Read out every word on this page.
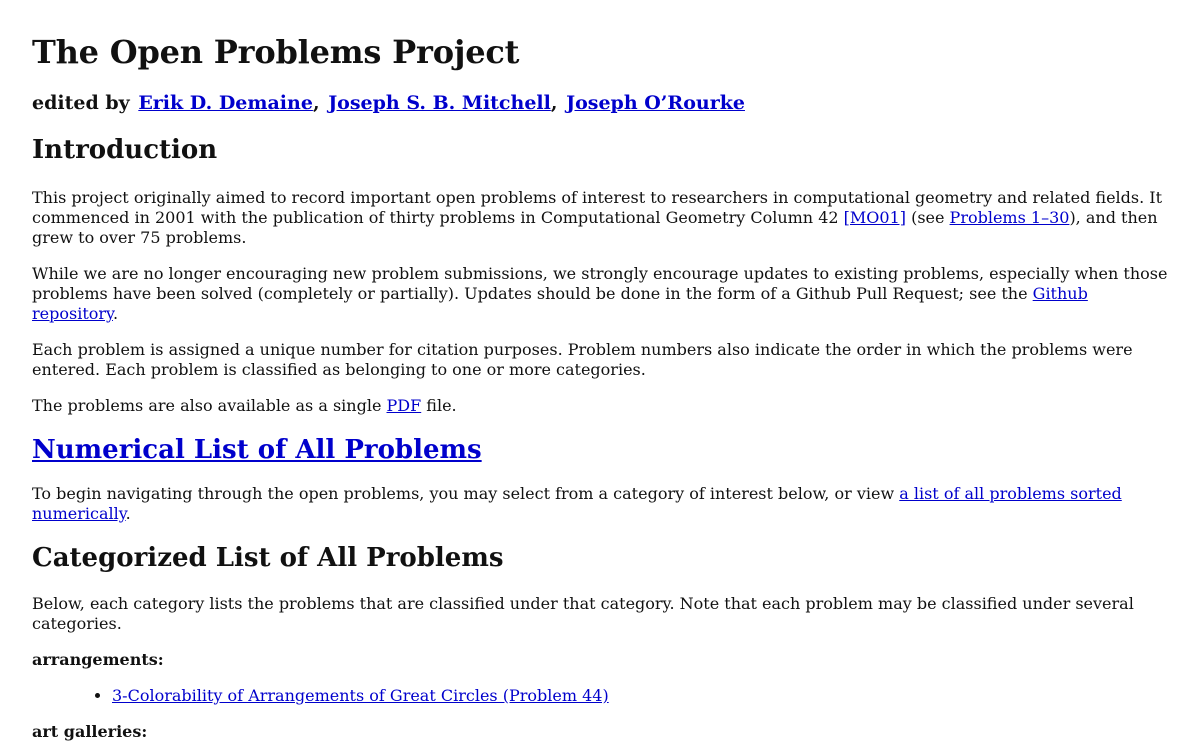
The Open Problems Project
edited by Erik D. Demaine, Joseph S. B. Mitchell, Joseph O’Rourke
Introduction

This project originally aimed to record important open problems of interest to researchers in computational geometry and related fields. It commenced in 2001 with the publication of thirty problems in Computational Geometry Column 42 [MO01] (see Problems 1–30), and then grew to over 75 problems.

While we are no longer encouraging new problem submissions, we strongly encourage updates to existing problems, especially when those problems have been solved (completely or partially). Updates should be done in the form of a Github Pull Request; see the Github repository.

Each problem is assigned a unique number for citation purposes. Problem numbers also indicate the order in which the problems were entered. Each problem is classified as belonging to one or more categories.

The problems are also available as a single PDF file.

Numerical List of All Problems

To begin navigating through the open problems, you may select from a category of interest below, or view a list of all problems sorted numerically.

Categorized List of All Problems

Below, each category lists the problems that are classified under that category. Note that each problem may be classified under several categories.

arrangements:
• 3-Colorability of Arrangements of Great Circles (Problem 44)
art galleries:
